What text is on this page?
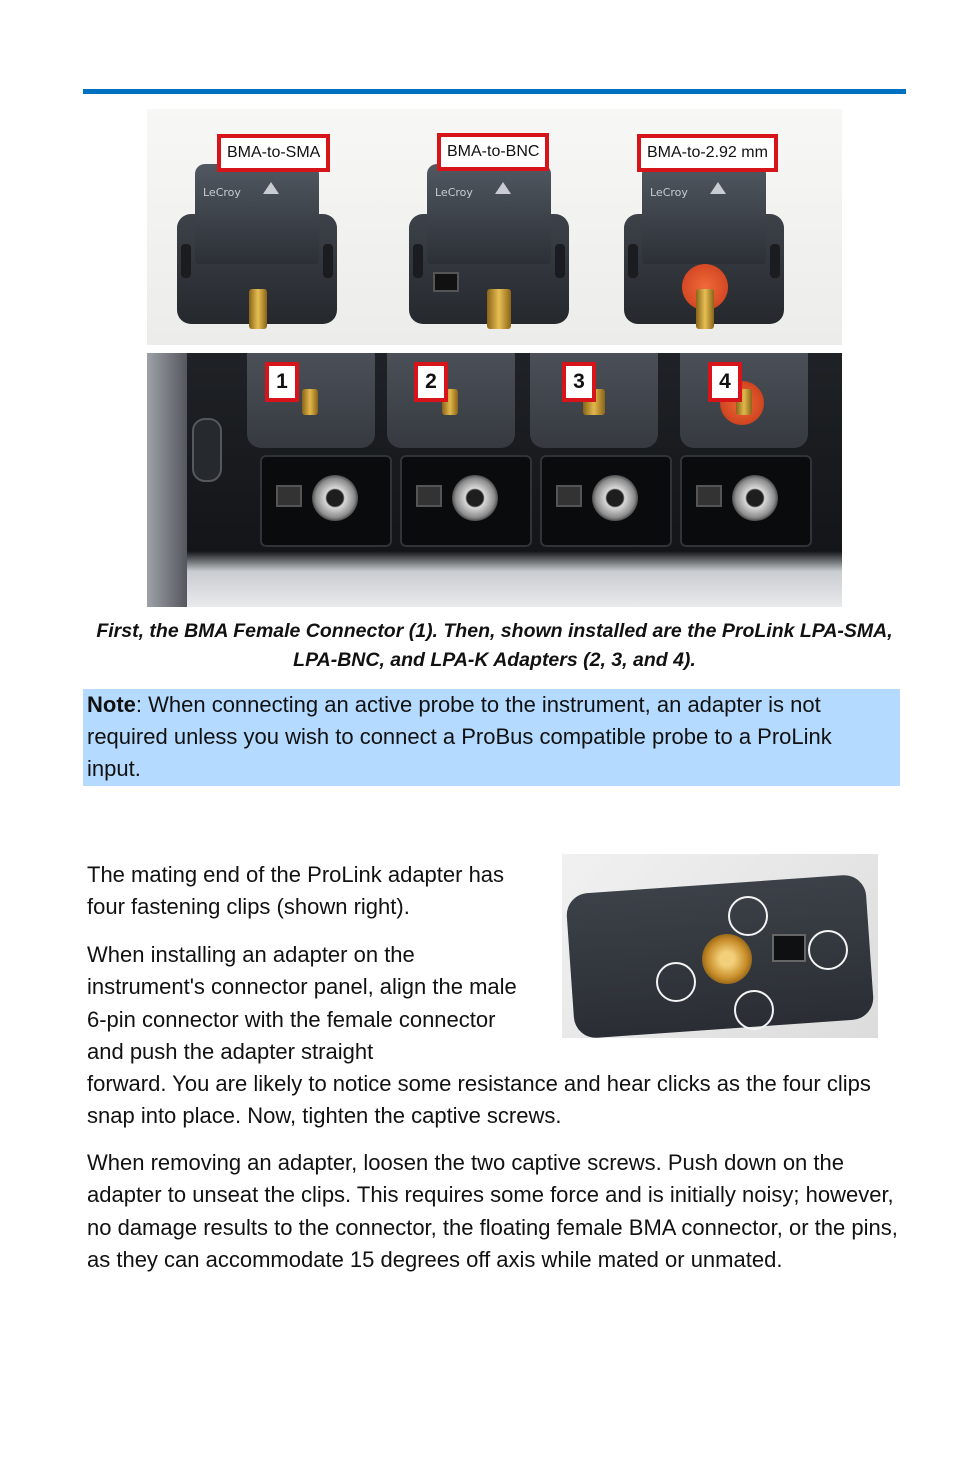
LeCroy
BMA-to-SMA
LeCroy
BMA-to-BNC
LeCroy
BMA-to-2.92 mm
1	2	3	4
First, the BMA Female Connector (1). Then, shown installed are the ProLink LPA-SMA, LPA-BNC, and LPA-K Adapters (2, 3, and 4).
Note: When connecting an active probe to the instrument, an adapter is not required unless you wish to connect a ProBus compatible probe to a ProLink input.

The mating end of the ProLink adapter has four fastening clips (shown right).

When installing an adapter on the instrument's connector panel, align the male 6-pin connector with the female connector and push the adapter straight

forward. You are likely to notice some resistance and hear clicks as the four clips snap into place. Now, tighten the captive screws.

When removing an adapter, loosen the two captive screws. Push down on the adapter to unseat the clips. This requires some force and is initially noisy; however, no damage results to the connector, the floating female BMA connector, or the pins, as they can accommodate 15 degrees off axis while mated or unmated.
